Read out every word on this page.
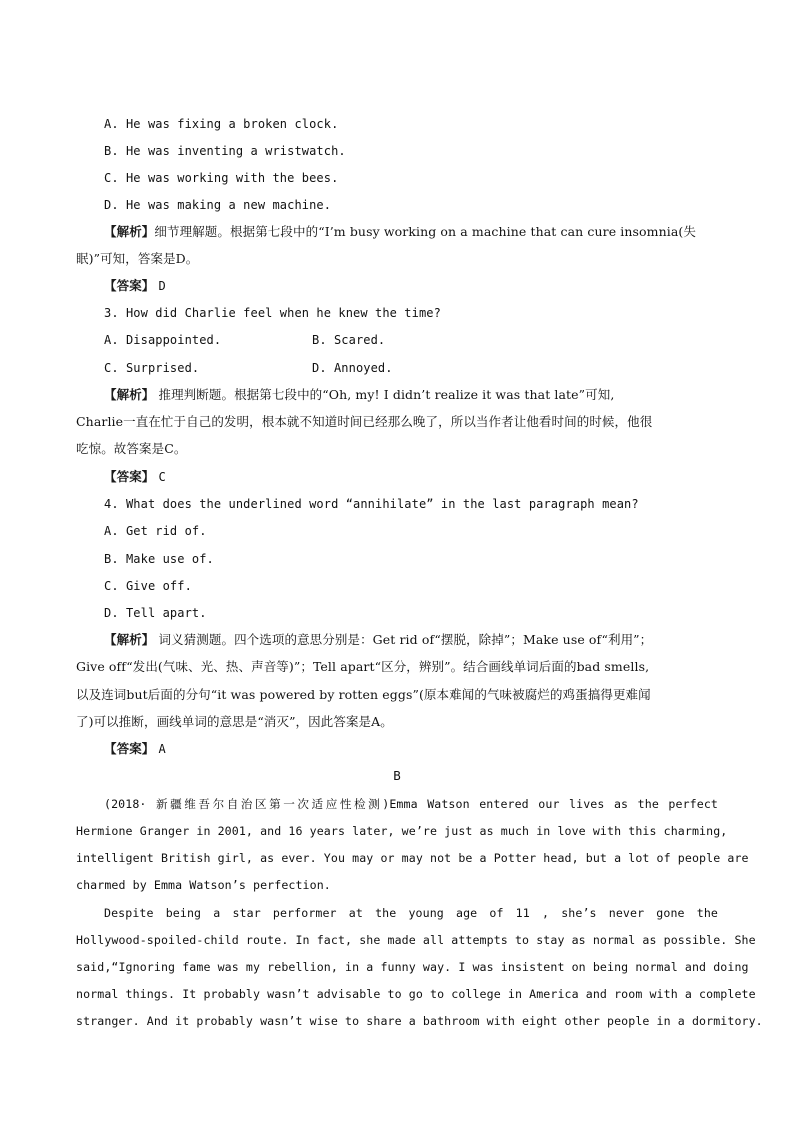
A. He was fixing a broken clock.
B. He was inventing a wristwatch.
C. He was working with the bees.
D. He was making a new machine.
【解析】细节理解题。根据第七段中的“I’m busy working on a machine that can cure insomnia(失
眠)”可知，答案是D。
【答案】 D
3. How did Charlie feel when he knew the time?
A. Disappointed.	B. Scared.
C. Surprised.	D. Annoyed.
【解析】 推理判断题。根据第七段中的“Oh, my! I didn’t realize it was that late”可知,
Charlie一直在忙于自己的发明，根本就不知道时间已经那么晚了，所以当作者让他看时间的时候，他很
吃惊。故答案是C。
【答案】 C
4. What does the underlined word “annihilate” in the last paragraph mean?
A. Get rid of.
B. Make use of.
C. Give off.
D. Tell apart.
【解析】 词义猜测题。四个选项的意思分别是：Get rid of“摆脱，除掉”；Make use of“利用”；
Give off“发出(气味、光、热、声音等)”；Tell apart“区分，辨别”。结合画线单词后面的bad smells,
以及连词but后面的分句“it was powered by rotten eggs”(原本难闻的气味被腐烂的鸡蛋搞得更难闻
了)可以推断，画线单词的意思是“消灭”，因此答案是A。
【答案】 A
B
(2018· 新疆维吾尔自治区第一次适应性检测)Emma Watson entered our lives as the perfect
Hermione Granger in 2001, and 16 years later, we’re just as much in love with this charming,
intelligent British girl, as ever. You may or may not be a Potter head, but a lot of people are
charmed by Emma Watson’s perfection.
Despite being a star performer at the young age of 11 , she’s never gone the
Hollywood-spoiled-child route. In fact, she made all attempts to stay as normal as possible. She
said,“Ignoring fame was my rebellion, in a funny way. I was insistent on being normal and doing
normal things. It probably wasn’t advisable to go to college in America and room with a complete
stranger. And it probably wasn’t wise to share a bathroom with eight other people in a dormitory.
